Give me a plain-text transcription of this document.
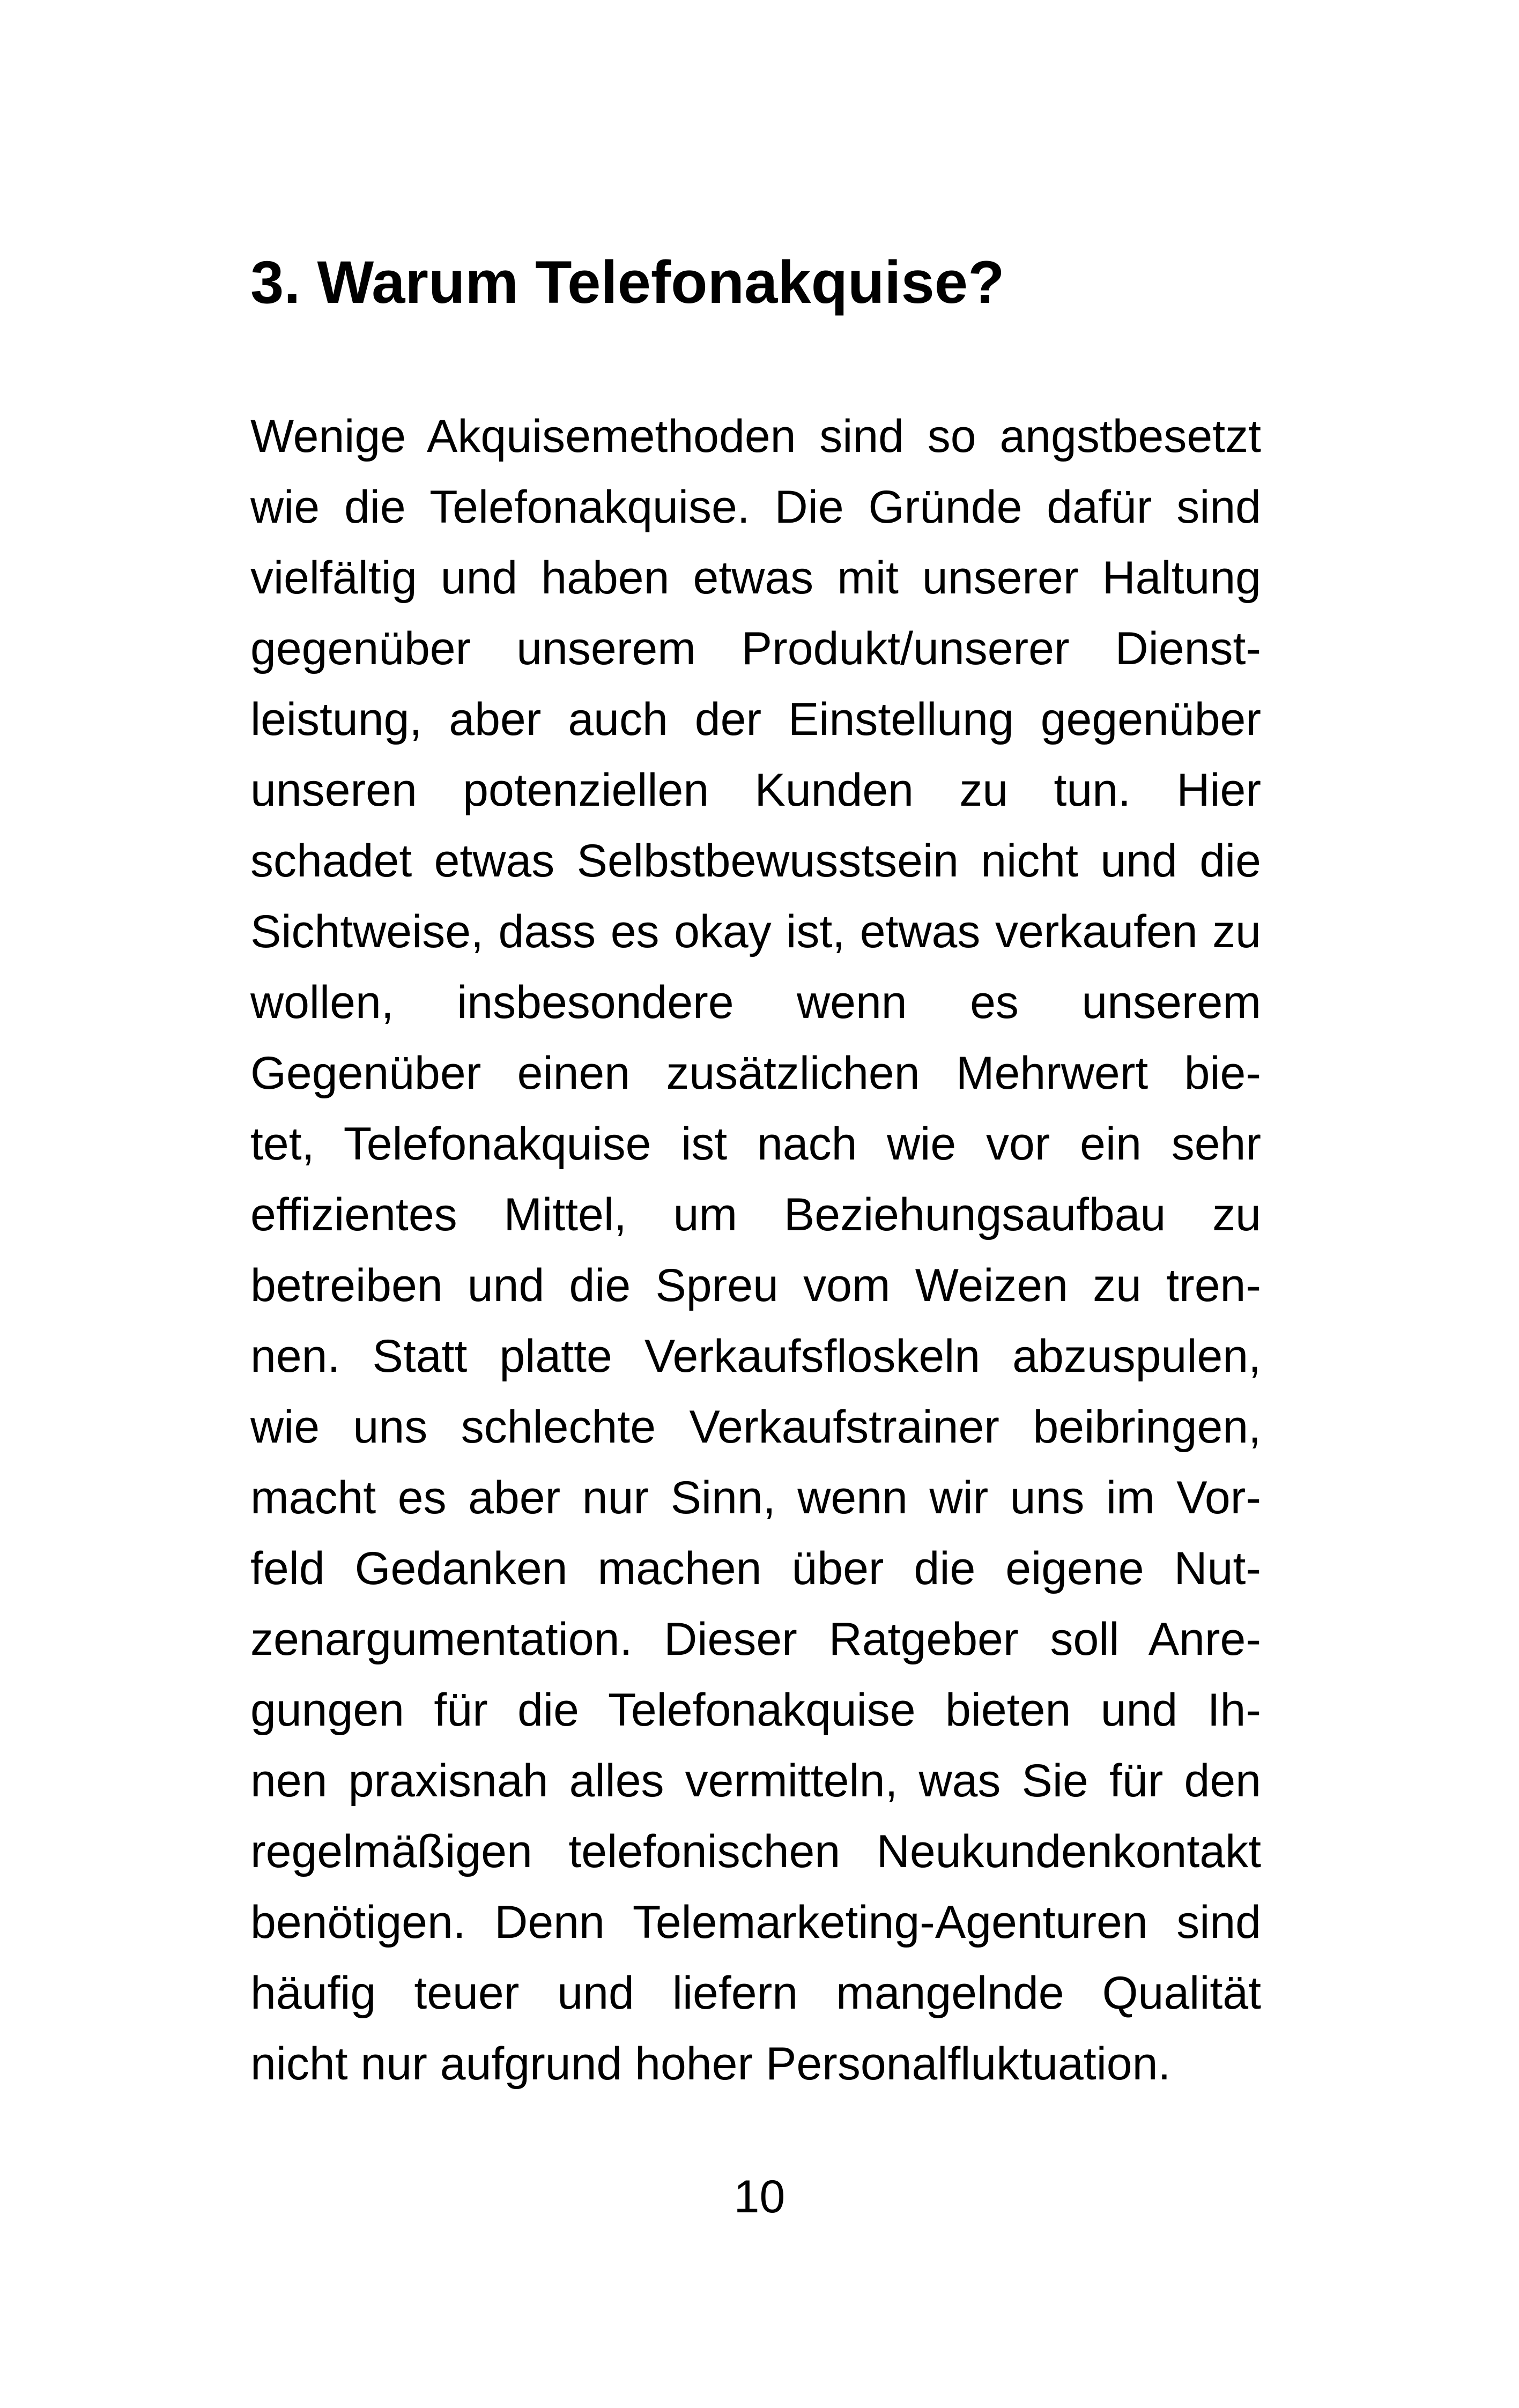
3. Warum Telefonakquise?
Wenige Akquisemethoden sind so angstbesetzt
wie die Telefonakquise. Die Gründe dafür sind
vielfältig und haben etwas mit unserer Haltung
gegenüber unserem Produkt/unserer Dienst-
leistung, aber auch der Einstellung gegenüber
unseren potenziellen Kunden zu tun. Hier
schadet etwas Selbstbewusstsein nicht und die
Sichtweise, dass es okay ist, etwas verkaufen zu
wollen, insbesondere wenn es unserem
Gegenüber einen zusätzlichen Mehrwert bie-
tet, Telefonakquise ist nach wie vor ein sehr
effizientes Mittel, um Beziehungsaufbau zu
betreiben und die Spreu vom Weizen zu tren-
nen. Statt platte Verkaufsfloskeln abzuspulen,
wie uns schlechte Verkaufstrainer beibringen,
macht es aber nur Sinn, wenn wir uns im Vor-
feld Gedanken machen über die eigene Nut-
zenargumentation. Dieser Ratgeber soll Anre-
gungen für die Telefonakquise bieten und Ih-
nen praxisnah alles vermitteln, was Sie für den
regelmäßigen telefonischen Neukundenkontakt
benötigen. Denn Telemarketing-Agenturen sind
häufig teuer und liefern mangelnde Qualität
nicht nur aufgrund hoher Personalfluktuation.
10
